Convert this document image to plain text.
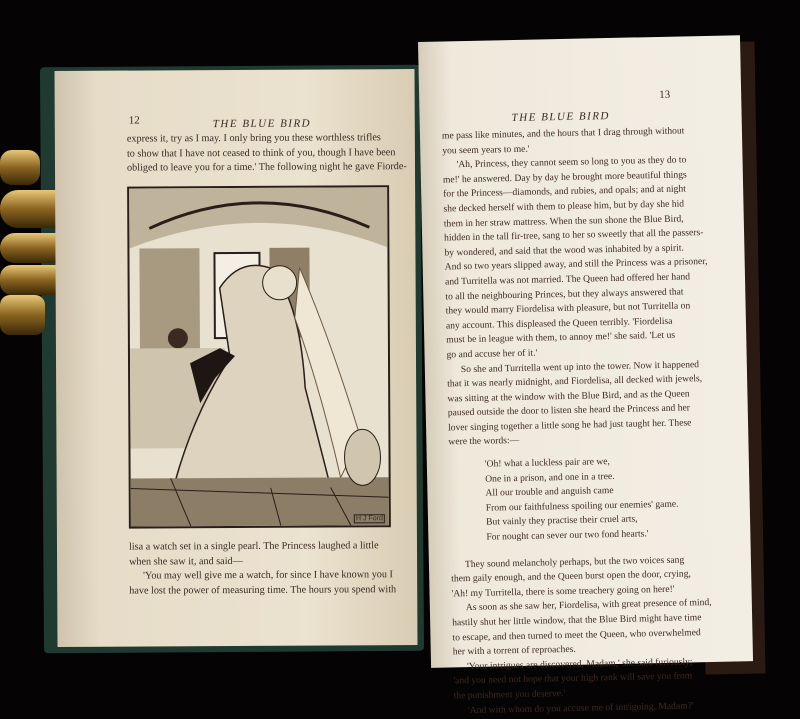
12	THE BLUE BIRD
express it, try as I may. I only bring you these worthless trifles
to show that I have not ceased to think of you, though I have been
obliged to leave you for a time.' The following night he gave Fiorde-
H J Ford
lisa a watch set in a single pearl. The Princess laughed a little
when she saw it, and said—
'You may well give me a watch, for since I have known you I
have lost the power of measuring time. The hours you spend with
13
THE BLUE BIRD
me pass like minutes, and the hours that I drag through without
you seem years to me.'
'Ah, Princess, they cannot seem so long to you as they do to
me!' he answered. Day by day he brought more beautiful things
for the Princess—diamonds, and rubies, and opals; and at night
she decked herself with them to please him, but by day she hid
them in her straw mattress. When the sun shone the Blue Bird,
hidden in the tall fir-tree, sang to her so sweetly that all the passers-
by wondered, and said that the wood was inhabited by a spirit.
And so two years slipped away, and still the Princess was a prisoner,
and Turritella was not married. The Queen had offered her hand
to all the neighbouring Princes, but they always answered that
they would marry Fiordelisa with pleasure, but not Turritella on
any account. This displeased the Queen terribly. 'Fiordelisa
must be in league with them, to annoy me!' she said. 'Let us
go and accuse her of it.'
So she and Turritella went up into the tower. Now it happened
that it was nearly midnight, and Fiordelisa, all decked with jewels,
was sitting at the window with the Blue Bird, and as the Queen
paused outside the door to listen she heard the Princess and her
lover singing together a little song he had just taught her. These
were the words:—
'Oh! what a luckless pair are we,
One in a prison, and one in a tree.
All our trouble and anguish came
From our faithfulness spoiling our enemies' game.
But vainly they practise their cruel arts,
For nought can sever our two fond hearts.'
They sound melancholy perhaps, but the two voices sang
them gaily enough, and the Queen burst open the door, crying,
'Ah! my Turritella, there is some treachery going on here!'
As soon as she saw her, Fiordelisa, with great presence of mind,
hastily shut her little window, that the Blue Bird might have time
to escape, and then turned to meet the Queen, who overwhelmed
her with a torrent of reproaches.
'Your intrigues are discovered, Madam,' she said furiously;
'and you need not hope that your high rank will save you from
the punishment you deserve.'
'And with whom do you accuse me of intriguing, Madam?'
